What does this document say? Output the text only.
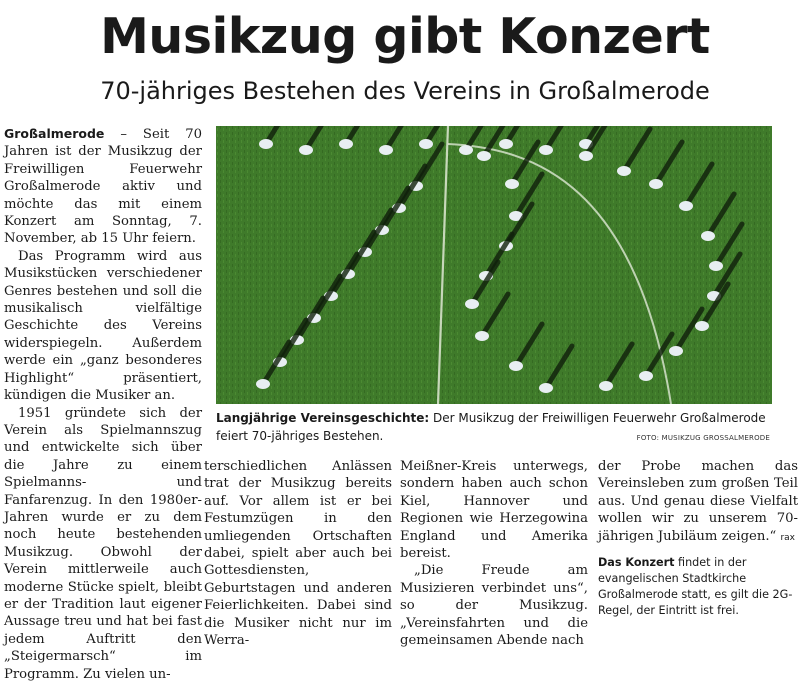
Musikzug gibt Konzert
70-jähriges Bestehen des Vereins in Großalmerode

Großalmerode – Seit 70 Jahren ist der Musikzug der Freiwilligen Feuerwehr Großalmerode aktiv und möchte das mit einem Konzert am Sonntag, 7. November, ab 15 Uhr feiern.

Das Programm wird aus Musikstücken verschiedener Genres bestehen und soll die musikalisch vielfältige Geschichte des Vereins widerspiegeln. Außerdem werde ein „ganz besonderes Highlight“ präsentiert, kündigen die Musiker an.

1951 gründete sich der Verein als Spielmannszug und entwickelte sich über die Jahre zu einem Spielmanns- und Fanfarenzug. In den 1980er-Jahren wurde er zu dem noch heute bestehenden Musikzug. Obwohl der Verein mittlerweile auch moderne Stücke spielt, bleibt er der Tradition laut eigener Aussage treu und hat bei fast jedem Auftritt den „Steigermarsch“ im Programm. Zu vielen un-

Langjährige Vereinsgeschichte: Der Musikzug der Freiwilligen Feuerwehr Großalmerode feiert 70-jähriges Bestehen.	FOTO: MUSIKZUG GROSSALMERODE

terschiedlichen Anlässen trat der Musikzug bereits auf. Vor allem ist er bei Festumzügen in den umliegenden Ortschaften dabei, spielt aber auch bei Gottesdiensten, Geburtstagen und anderen Feierlichkeiten. Dabei sind die Musiker nicht nur im Werra-

Meißner-Kreis unterwegs, sondern haben auch schon Kiel, Hannover und Regionen wie Herzegowina England und Amerika bereist.

„Die Freude am Musizieren verbindet uns“, so der Musikzug. „Vereinsfahrten und die gemeinsamen Abende nach

der Probe machen das Vereinsleben zum großen Teil aus. Und genau diese Vielfalt wollen wir zu unserem 70-jährigen Jubiläum zeigen.“ rax

Das Konzert findet in der evangelischen Stadtkirche Großalmerode statt, es gilt die 2G-Regel, der Eintritt ist frei.
